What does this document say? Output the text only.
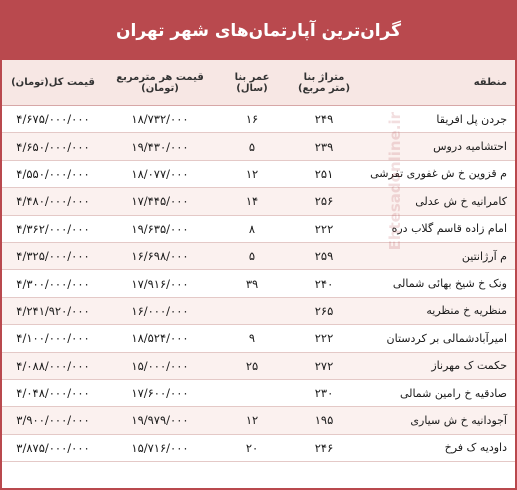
گران‌ترین آپارتمان‌های شهر تهران
منطقه	متراژ بنا (متر مربع)	عمر بنا (سال)	قیمت هر مترمربع (تومان)	قیمت کل(تومان)
جردن پل افریقا	۲۴۹	۱۶	۱۸/۷۳۲/۰۰۰	۴/۶۷۵/۰۰۰/۰۰۰
احتشامیه دروس	۲۳۹	۵	۱۹/۴۳۰/۰۰۰	۴/۶۵۰/۰۰۰/۰۰۰
م قزوین خ ش غفوری تفرشی	۲۵۱	۱۲	۱۸/۰۷۷/۰۰۰	۴/۵۵۰/۰۰۰/۰۰۰
کامرانیه خ ش عدلی	۲۵۶	۱۴	۱۷/۴۴۵/۰۰۰	۴/۴۸۰/۰۰۰/۰۰۰
امام زاده قاسم گلاب دره	۲۲۲	۸	۱۹/۶۳۵/۰۰۰	۴/۳۶۲/۰۰۰/۰۰۰
م آرژانتین	۲۵۹	۵	۱۶/۶۹۸/۰۰۰	۴/۳۲۵/۰۰۰/۰۰۰
ونک خ شیخ بهائی شمالی	۲۴۰	۳۹	۱۷/۹۱۶/۰۰۰	۴/۳۰۰/۰۰۰/۰۰۰
منظریه خ منظریه	۲۶۵		۱۶/۰۰۰/۰۰۰	۴/۲۴۱/۹۲۰/۰۰۰
امیرآبادشمالی بر کردستان	۲۲۲	۹	۱۸/۵۲۴/۰۰۰	۴/۱۰۰/۰۰۰/۰۰۰
حکمت ک مهرناز	۲۷۲	۲۵	۱۵/۰۰۰/۰۰۰	۴/۰۸۸/۰۰۰/۰۰۰
صادقیه خ رامین شمالی	۲۳۰		۱۷/۶۰۰/۰۰۰	۴/۰۴۸/۰۰۰/۰۰۰
آجودانیه خ ش سیاری	۱۹۵	۱۲	۱۹/۹۷۹/۰۰۰	۳/۹۰۰/۰۰۰/۰۰۰
داودیه ک فرخ	۲۴۶	۲۰	۱۵/۷۱۶/۰۰۰	۳/۸۷۵/۰۰۰/۰۰۰
Ehtesadonline.ir
